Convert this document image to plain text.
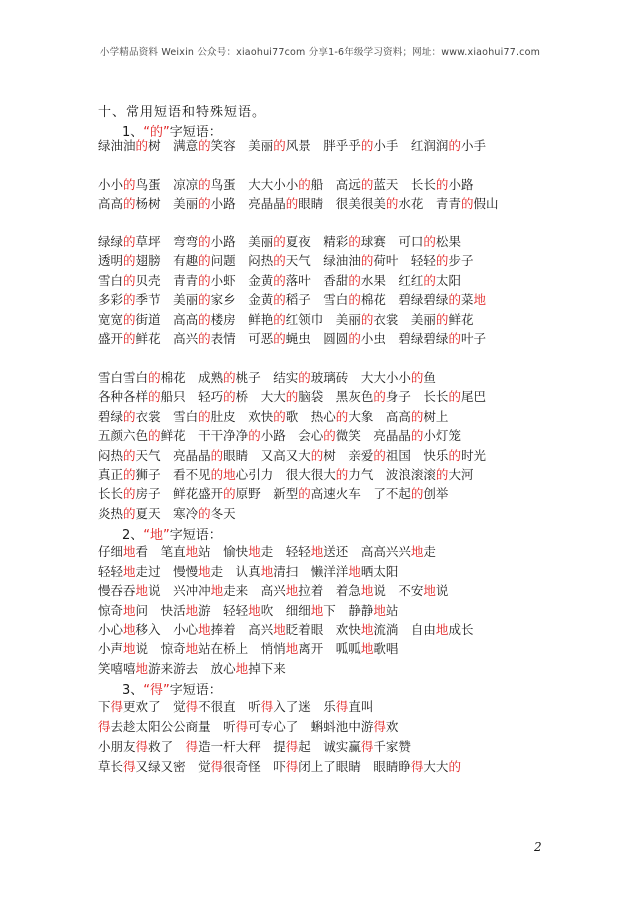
小学精品资料 Weixin 公众号：xiaohui77com 分享1-6年级学习资料；网址：www.xiaohui77.com
十、常用短语和特殊短语。
1、“的”字短语：
绿油油的树　 满意的笑容　 美丽的风景　 胖乎乎的小手　 红润润的小手
小小的鸟蛋　 凉凉的鸟蛋　 大大小小的船　 高远的蓝天　 长长的小路
高高的杨树　 美丽的小路　 亮晶晶的眼睛　 很美很美的水花　 青青的假山
绿绿的草坪　 弯弯的小路　 美丽的夏夜　 精彩的球赛　 可口的松果
透明的翅膀　 有趣的问题　 闷热的天气　 绿油油的荷叶　 轻轻的步子
雪白的贝壳　 青青的小虾　 金黄的落叶　 香甜的水果　 红红的太阳
多彩的季节　 美丽的家乡　 金黄的稻子　 雪白的棉花　 碧绿碧绿的菜地
宽宽的街道　 高高的楼房　 鲜艳的红领巾　 美丽的衣裳　 美丽的鲜花
盛开的鲜花　 高兴的表情　 可恶的蝇虫　 圆圆的小虫　 碧绿碧绿的叶子
雪白雪白的棉花　 成熟的桃子　 结实的玻璃砖　 大大小小的鱼
各种各样的船只　 轻巧的桥　 大大的脑袋　 黑灰色的身子　 长长的尾巴
碧绿的衣裳　 雪白的肚皮　 欢快的歌　 热心的大象　 高高的树上
五颜六色的鲜花　 干干净净的小路　 会心的微笑　 亮晶晶的小灯笼
闷热的天气　 亮晶晶的眼睛　 又高又大的树　 亲爱的祖国　 快乐的时光
真正的狮子　 看不见的地心引力　 很大很大的力气　 波浪滚滚的大河
长长的房子　 鲜花盛开的原野　 新型的高速火车　 了不起的创举
炎热的夏天　 寒冷的冬天
2、“地”字短语：
仔细地看　 笔直地站　 愉快地走　 轻轻地送还　 高高兴兴地走
轻轻地走过　 慢慢地走　 认真地清扫　 懒洋洋地晒太阳
慢吞吞地说　 兴冲冲地走来　 高兴地拉着　 着急地说　 不安地说
惊奇地问　 快活地游　 轻轻地吹　 细细地下　 静静地站
小心地移入　 小心地捧着　 高兴地眨着眼　 欢快地流淌　 自由地成长
小声地说　 惊奇地站在桥上　 悄悄地离开　 呱呱地歌唱
笑嘻嘻地游来游去　 放心地掉下来
3、“得”字短语：
下得更欢了　 觉得不很直　 听得入了迷　 乐得直叫
得去趁太阳公公商量　 听得可专心了　 蝌蚪池中游得欢
小朋友得救了　 得造一杆大秤　 提得起　 诚实赢得千家赞
草长得又绿又密　 觉得很奇怪　 吓得闭上了眼睛　 眼睛睁得大大的
2
